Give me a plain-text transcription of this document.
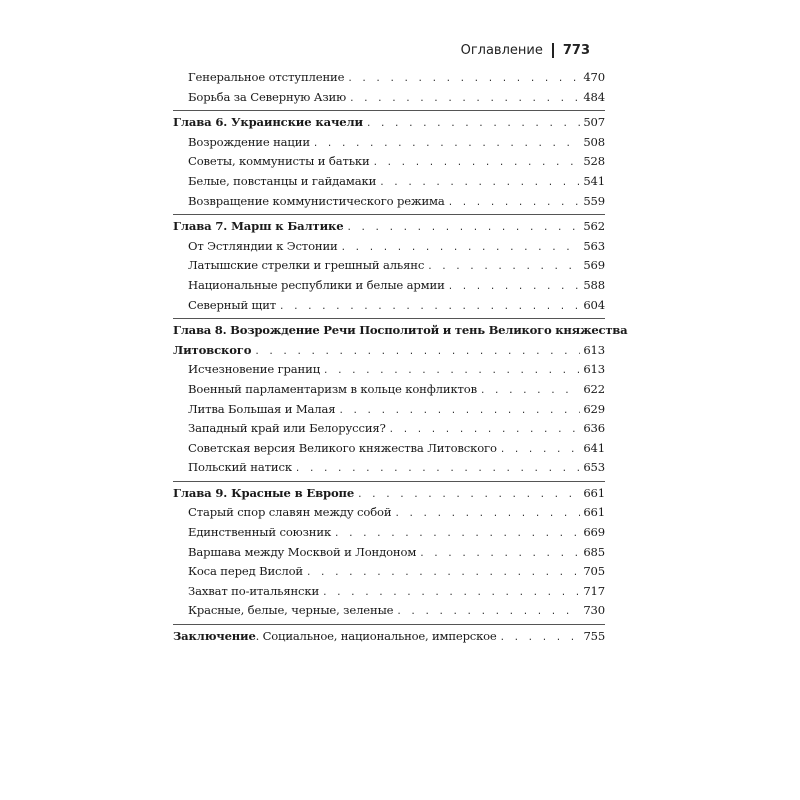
Оглавление 773
Генеральное отступление . . .	470
Борьба за Северную Азию . . .	484
Глава 6. Украинские качели . . .	507
Возрождение нации . . .	508
Советы, коммунисты и батьки . . .	528
Белые, повстанцы и гайдамаки . . .	541
Возвращение коммунистического режима . . .	559
Глава 7. Марш к Балтике . . .	562
От Эстляндии к Эстонии . . .	563
Латышские стрелки и грешный альянс . . .	569
Национальные республики и белые армии . . .	588
Северный щит . . .	604
Глава 8. Возрождение Речи Посполитой и тень Великого княжества
Литовского . . .	613
Исчезновение границ . . .	613
Военный парламентаризм в кольце конфликтов . . .	622
Литва Большая и Малая . . .	629
Западный край или Белоруссия? . . .	636
Советская версия Великого княжества Литовского . . .	641
Польский натиск . . .	653
Глава 9. Красные в Европе . . .	661
Старый спор славян между собой . . .	661
Единственный союзник . . .	669
Варшава между Москвой и Лондоном . . .	685
Коса перед Вислой . . .	705
Захват по-итальянски . . .	717
Красные, белые, черные, зеленые . . .	730
Заключение. Социальное, национальное, имперское . . .	755
